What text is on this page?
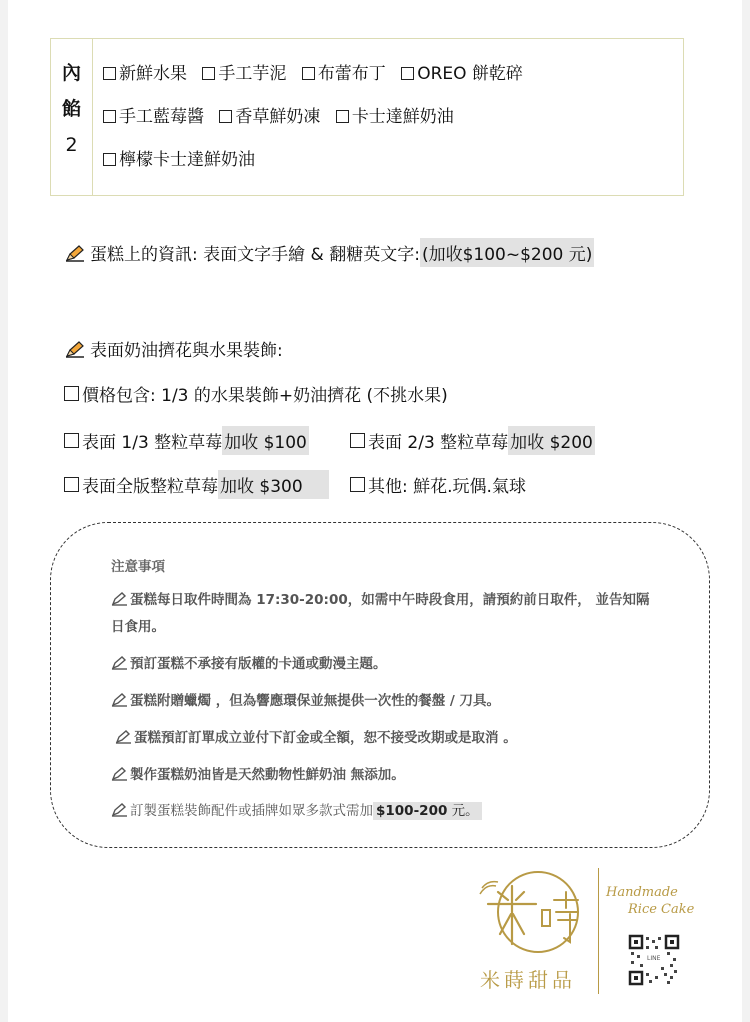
內
餡
2
新鮮水果 手工芋泥 布蕾布丁 OREO 餅乾碎
手工藍莓醬 香草鮮奶凍 卡士達鮮奶油
檸檬卡士達鮮奶油
蛋糕上的資訊: 表面文字手繪 & 翻糖英文字: (加收$100~$200 元)
表面奶油擠花與水果裝飾:
價格包含: 1/3 的水果裝飾+奶油擠花 (不挑水果)
表面 1/3 整粒草莓 加收 $100	表面 2/3 整粒草莓 加收 $200
表面全版整粒草莓 加收 $300	其他: 鮮花.玩偶.氣球
注意事項
蛋糕每日取件時間為 17:30-20:00，如需中午時段食用，請預約前日取件， 並告知隔日食用。
預訂蛋糕不承接有版權的卡通或動漫主題。
蛋糕附贈蠟燭 ，但為響應環保並無提供一次性的餐盤 / 刀具。
蛋糕預訂訂單成立並付下訂金或全額，恕不接受改期或是取消 。
製作蛋糕奶油皆是天然動物性鮮奶油 無添加。
訂製蛋糕裝飾配件或插牌如眾多款式需加 $100-200 元。
米蒔甜品
Handmade
Rice Cake
LINE
